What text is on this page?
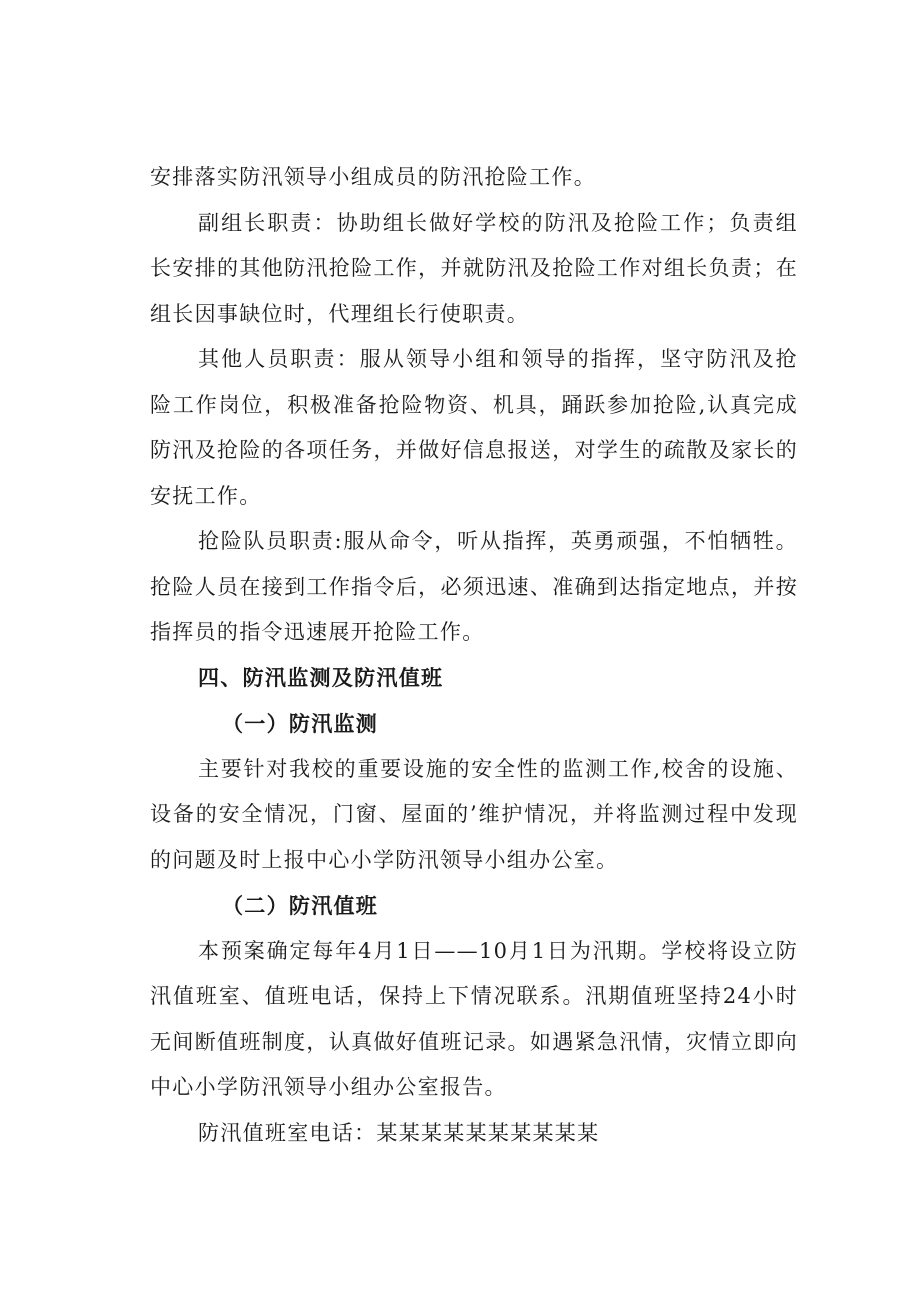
安排落实防汛领导小组成员的防汛抢险工作。

副组长职责：协助组长做好学校的防汛及抢险工作；负责组长安排的其他防汛抢险工作，并就防汛及抢险工作对组长负责；在组长因事缺位时，代理组长行使职责。

其他人员职责：服从领导小组和领导的指挥，坚守防汛及抢险工作岗位，积极准备抢险物资、机具，踊跃参加抢险,认真完成防汛及抢险的各项任务，并做好信息报送，对学生的疏散及家长的安抚工作。

抢险队员职责:服从命令，听从指挥，英勇顽强，不怕牺牲。抢险人员在接到工作指令后，必须迅速、准确到达指定地点，并按指挥员的指令迅速展开抢险工作。

四、防汛监测及防汛值班
（一）防汛监测

主要针对我校的重要设施的安全性的监测工作,校舍的设施、设备的安全情况，门窗、屋面的’维护情况，并将监测过程中发现的问题及时上报中心小学防汛领导小组办公室。

（二）防汛值班

本预案确定每年4月1日——10月1日为汛期。学校将设立防汛值班室、值班电话，保持上下情况联系。汛期值班坚持24小时无间断值班制度，认真做好值班记录。如遇紧急汛情，灾情立即向中心小学防汛领导小组办公室报告。

防汛值班室电话：某某某某某某某某某某
